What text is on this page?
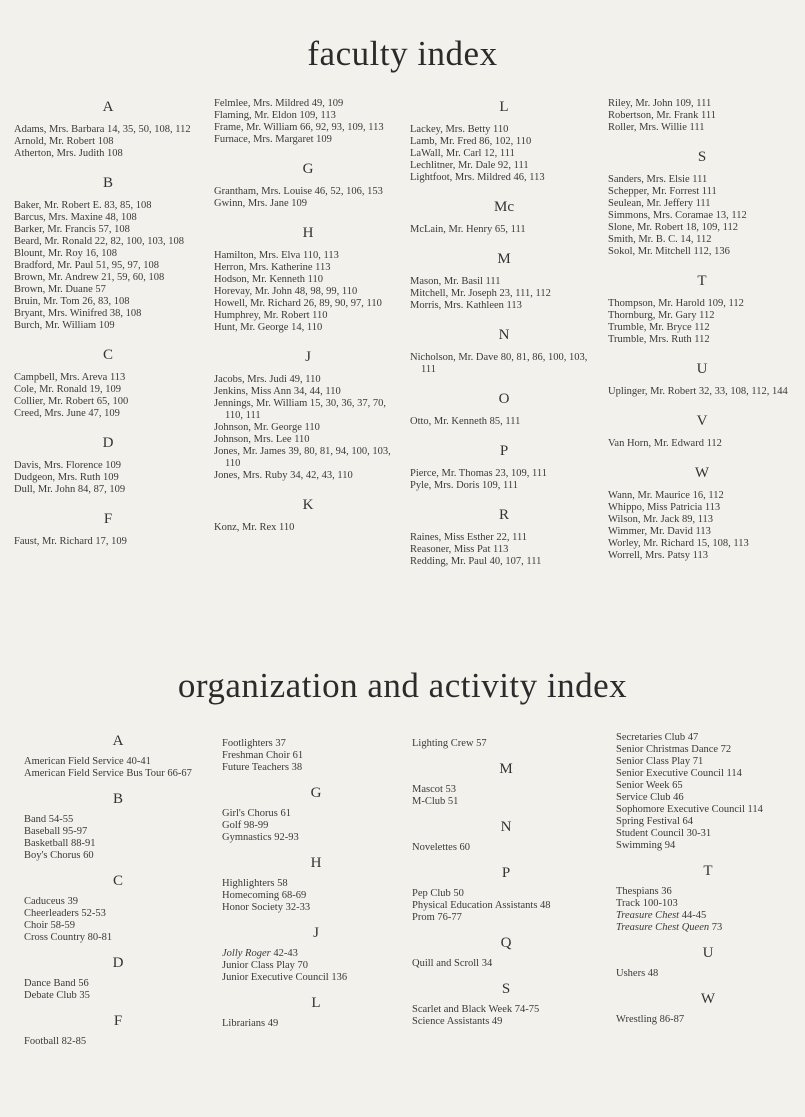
faculty index
A
Adams, Mrs. Barbara 14, 35, 50, 108, 112
Arnold, Mr. Robert 108
Atherton, Mrs. Judith 108
B
Baker, Mr. Robert E. 83, 85, 108
Barcus, Mrs. Maxine 48, 108
Barker, Mr. Francis 57, 108
Beard, Mr. Ronald 22, 82, 100, 103, 108
Blount, Mr. Roy 16, 108
Bradford, Mr. Paul 51, 95, 97, 108
Brown, Mr. Andrew 21, 59, 60, 108
Brown, Mr. Duane 57
Bruin, Mr. Tom 26, 83, 108
Bryant, Mrs. Winifred 38, 108
Burch, Mr. William 109
C
Campbell, Mrs. Areva 113
Cole, Mr. Ronald 19, 109
Collier, Mr. Robert 65, 100
Creed, Mrs. June 47, 109
D
Davis, Mrs. Florence 109
Dudgeon, Mrs. Ruth 109
Dull, Mr. John 84, 87, 109
F
Faust, Mr. Richard 17, 109
Felmlee, Mrs. Mildred 49, 109
Flaming, Mr. Eldon 109, 113
Frame, Mr. William 66, 92, 93, 109, 113
Furnace, Mrs. Margaret 109
G
Grantham, Mrs. Louise 46, 52, 106, 153
Gwinn, Mrs. Jane 109
H
Hamilton, Mrs. Elva 110, 113
Herron, Mrs. Katherine 113
Hodson, Mr. Kenneth 110
Horevay, Mr. John 48, 98, 99, 110
Howell, Mr. Richard 26, 89, 90, 97, 110
Humphrey, Mr. Robert 110
Hunt, Mr. George 14, 110
J
Jacobs, Mrs. Judi 49, 110
Jenkins, Miss Ann 34, 44, 110
Jennings, Mr. William 15, 30, 36, 37, 70, 110, 111
Johnson, Mr. George 110
Johnson, Mrs. Lee 110
Jones, Mr. James 39, 80, 81, 94, 100, 103, 110
Jones, Mrs. Ruby 34, 42, 43, 110
K
Konz, Mr. Rex 110
L
Lackey, Mrs. Betty 110
Lamb, Mr. Fred 86, 102, 110
LaWall, Mr. Carl 12, 111
Lechlitner, Mr. Dale 92, 111
Lightfoot, Mrs. Mildred 46, 113
Mc
McLain, Mr. Henry 65, 111
M
Mason, Mr. Basil 111
Mitchell, Mr. Joseph 23, 111, 112
Morris, Mrs. Kathleen 113
N
Nicholson, Mr. Dave 80, 81, 86, 100, 103, 111
O
Otto, Mr. Kenneth 85, 111
P
Pierce, Mr. Thomas 23, 109, 111
Pyle, Mrs. Doris 109, 111
R
Raines, Miss Esther 22, 111
Reasoner, Miss Pat 113
Redding, Mr. Paul 40, 107, 111
Riley, Mr. John 109, 111
Robertson, Mr. Frank 111
Roller, Mrs. Willie 111
S
Sanders, Mrs. Elsie 111
Schepper, Mr. Forrest 111
Seulean, Mr. Jeffery 111
Simmons, Mrs. Coramae 13, 112
Slone, Mr. Robert 18, 109, 112
Smith, Mr. B. C. 14, 112
Sokol, Mr. Mitchell 112, 136
T
Thompson, Mr. Harold 109, 112
Thornburg, Mr. Gary 112
Trumble, Mr. Bryce 112
Trumble, Mrs. Ruth 112
U
Uplinger, Mr. Robert 32, 33, 108, 112, 144
V
Van Horn, Mr. Edward 112
W
Wann, Mr. Maurice 16, 112
Whippo, Miss Patricia 113
Wilson, Mr. Jack 89, 113
Wimmer, Mr. David 113
Worley, Mr. Richard 15, 108, 113
Worrell, Mrs. Patsy 113
organization and activity index
A
American Field Service 40-41
American Field Service Bus Tour 66-67
B
Band 54-55
Baseball 95-97
Basketball 88-91
Boy's Chorus 60
C
Caduceus 39
Cheerleaders 52-53
Choir 58-59
Cross Country 80-81
D
Dance Band 56
Debate Club 35
F
Football 82-85
Footlighters 37
Freshman Choir 61
Future Teachers 38
G
Girl's Chorus 61
Golf 98-99
Gymnastics 92-93
H
Highlighters 58
Homecoming 68-69
Honor Society 32-33
J
Jolly Roger 42-43
Junior Class Play 70
Junior Executive Council 136
L
Librarians 49
Lighting Crew 57
M
Mascot 53
M-Club 51
N
Novelettes 60
P
Pep Club 50
Physical Education Assistants 48
Prom 76-77
Q
Quill and Scroll 34
S
Scarlet and Black Week 74-75
Science Assistants 49
Secretaries Club 47
Senior Christmas Dance 72
Senior Class Play 71
Senior Executive Council 114
Senior Week 65
Service Club 46
Sophomore Executive Council 114
Spring Festival 64
Student Council 30-31
Swimming 94
T
Thespians 36
Track 100-103
Treasure Chest 44-45
Treasure Chest Queen 73
U
Ushers 48
W
Wrestling 86-87
